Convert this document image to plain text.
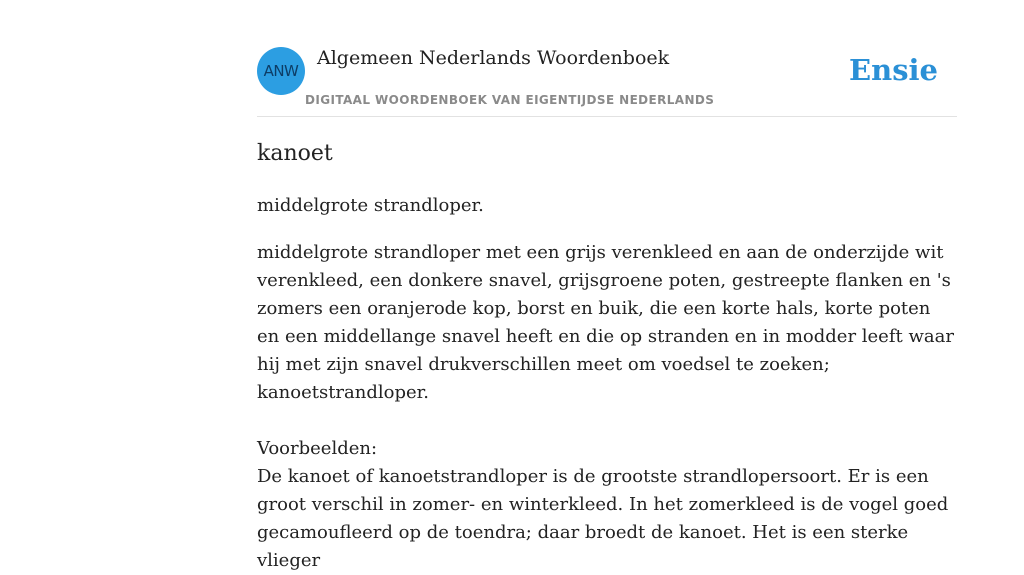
ANW
Algemeen Nederlands Woordenboek
DIGITAAL WOORDENBOEK VAN EIGENTIJDSE NEDERLANDS
Ensie
kanoet

middelgrote strandloper.

middelgrote strandloper met een grijs verenkleed en aan de onderzijde wit verenkleed, een donkere snavel, grijsgroene poten, gestreepte flanken en 's zomers een oranjerode kop, borst en buik, die een korte hals, korte poten en een middellange snavel heeft en die op stranden en in modder leeft waar hij met zijn snavel drukverschillen meet om voedsel te zoeken; kanoetstrandloper.

Voorbeelden:

De kanoet of kanoetstrandloper is de grootste strandlopersoort. Er is een groot verschil in zomer- en winterkleed. In het zomerkleed is de vogel goed gecamoufleerd op de toendra; daar broedt de kanoet. Het is een sterke vlieger
